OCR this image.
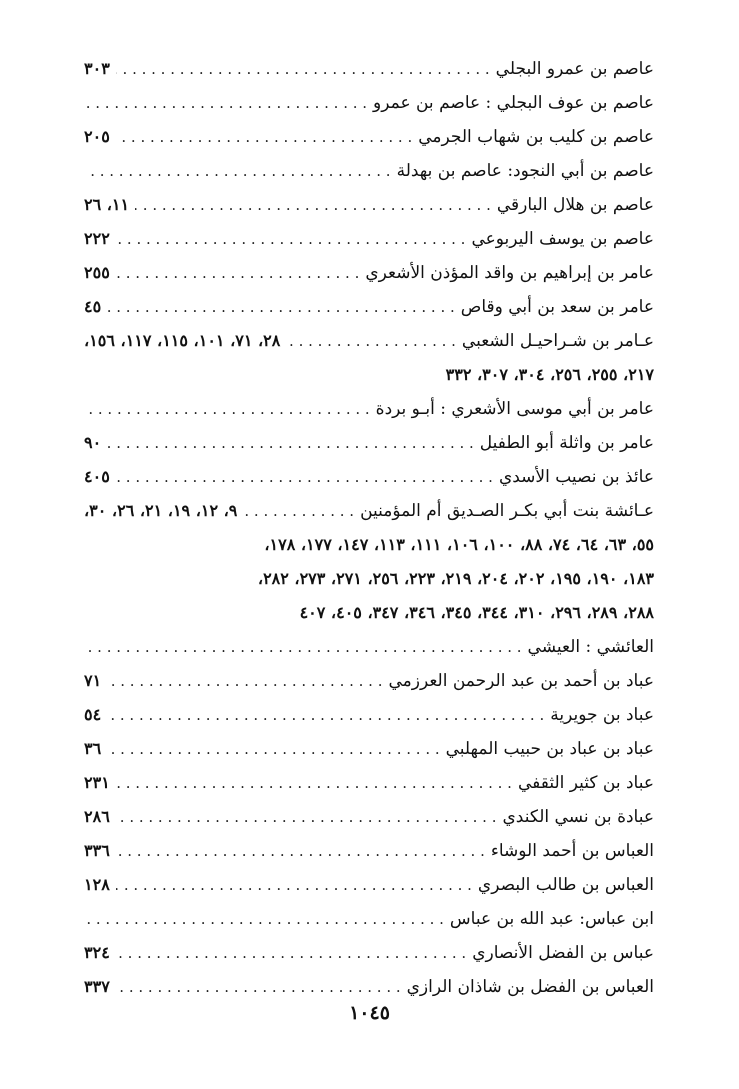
عاصم بن عمرو البجلي
. . .
٣٠٣
عاصم بن عوف البجلي : عاصم بن عمرو
. . .
عاصم بن كليب بن شهاب الجرمي
. . .
٢٠٥
عاصم بن أبي النجود: عاصم بن بهدلة
. . .
عاصم بن هلال البارقي
. . .
١١، ٢٦
عاصم بن يوسف اليربوعي
. . .
٢٢٢
عامر بن إبراهيم بن واقد المؤذن الأشعري
. . .
٢٥٥
عامر بن سعد بن أبي وقاص
. . .
٤٥
عـامر بن شـراحيـل الشعبي
. . .
٢٨، ٧١، ١٠١، ١١٥، ١١٧، ١٥٦،
٢١٧، ٢٥٥، ٢٥٦، ٣٠٤، ٣٠٧، ٣٣٢
عامر بن أبي موسى الأشعري : أبـو بردة
. . .
عامر بن واثلة أبو الطفيل
. . .
٩٠
عائذ بن نصيب الأسدي
. . .
٤٠٥
عـائشة بنت أبي بكـر الصـديق أم المؤمنين
. . .
٩، ١٢، ١٩، ٢١، ٢٦، ٣٠،
٥٥، ٦٣، ٦٤، ٧٤، ٨٨، ١٠٠، ١٠٦، ١١١، ١١٣، ١٤٧، ١٧٧، ١٧٨،
١٨٣، ١٩٠، ١٩٥، ٢٠٢، ٢٠٤، ٢١٩، ٢٢٣، ٢٥٦، ٢٧١، ٢٧٣، ٢٨٢،
٢٨٨، ٢٨٩، ٢٩٦، ٣١٠، ٣٤٤، ٣٤٥، ٣٤٦، ٣٤٧، ٤٠٥، ٤٠٧
العائشي : العيشي
. . .
عباد بن أحمد بن عبد الرحمن العرزمي
. . .
٧١
عباد بن جويرية
. . .
٥٤
عباد بن عباد بن حبيب المهلبي
. . .
٣٦
عباد بن كثير الثقفي
. . .
٢٣١
عبادة بن نسي الكندي
. . .
٢٨٦
العباس بن أحمد الوشاء
. . .
٣٣٦
العباس بن طالب البصري
. . .
١٢٨
ابن عباس: عبد الله بن عباس
. . .
عباس بن الفضل الأنصاري
. . .
٣٢٤
العباس بن الفضل بن شاذان الرازي
. . .
٣٣٧
١٠٤٥
